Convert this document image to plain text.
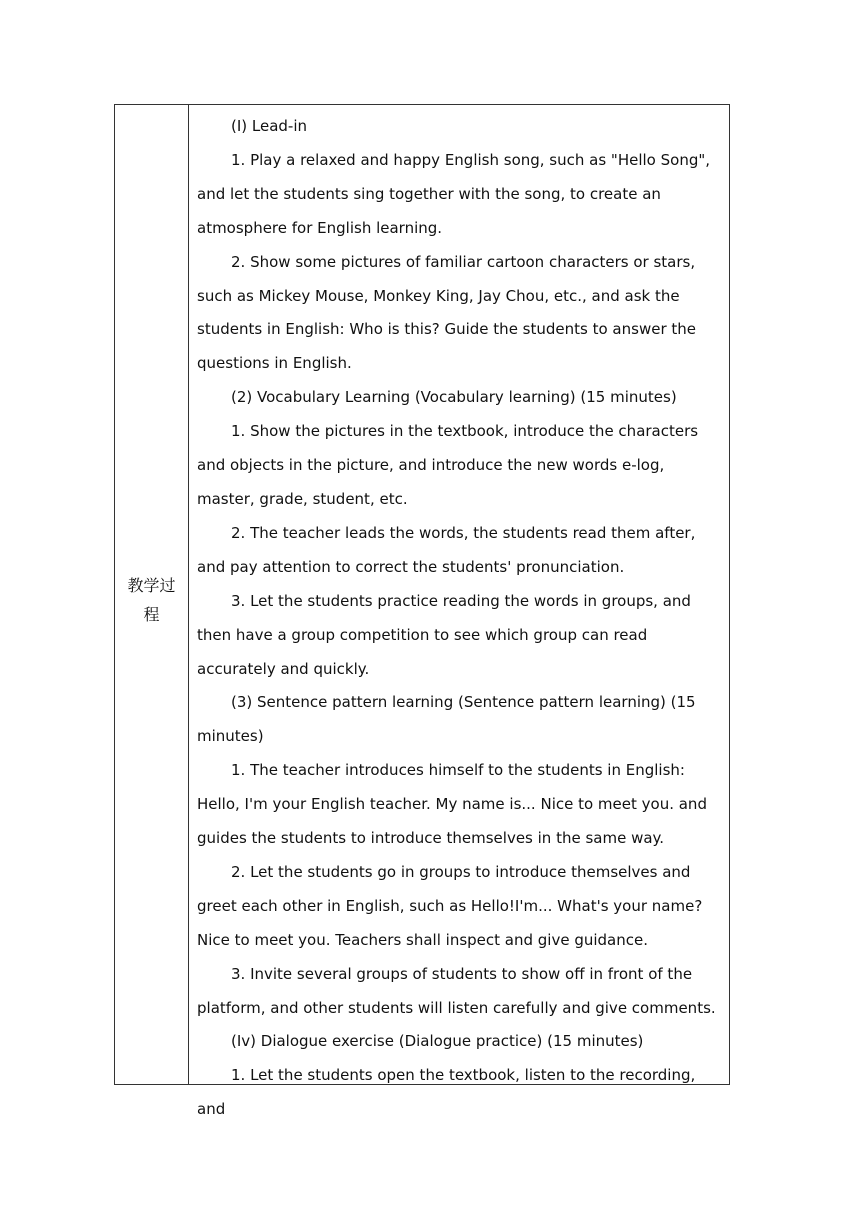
教学过程

(I) Lead-in

1. Play a relaxed and happy English song, such as "Hello Song", and let the students sing together with the song, to create an atmosphere for English learning.

2. Show some pictures of familiar cartoon characters or stars, such as Mickey Mouse, Monkey King, Jay Chou, etc., and ask the students in English: Who is this? Guide the students to answer the questions in English.

(2) Vocabulary Learning (Vocabulary learning) (15 minutes)

1. Show the pictures in the textbook, introduce the characters and objects in the picture, and introduce the new words e-log, master, grade, student, etc.

2. The teacher leads the words, the students read them after, and pay attention to correct the students' pronunciation.

3. Let the students practice reading the words in groups, and then have a group competition to see which group can read accurately and quickly.

(3) Sentence pattern learning (Sentence pattern learning) (15 minutes)

1. The teacher introduces himself to the students in English: Hello, I'm your English teacher. My name is... Nice to meet you. and guides the students to introduce themselves in the same way.

2. Let the students go in groups to introduce themselves and greet each other in English, such as Hello!I'm... What's your name? Nice to meet you. Teachers shall inspect and give guidance.

3. Invite several groups of students to show off in front of the platform, and other students will listen carefully and give comments.

(Iv) Dialogue exercise (Dialogue practice) (15 minutes)

1. Let the students open the textbook, listen to the recording, and
